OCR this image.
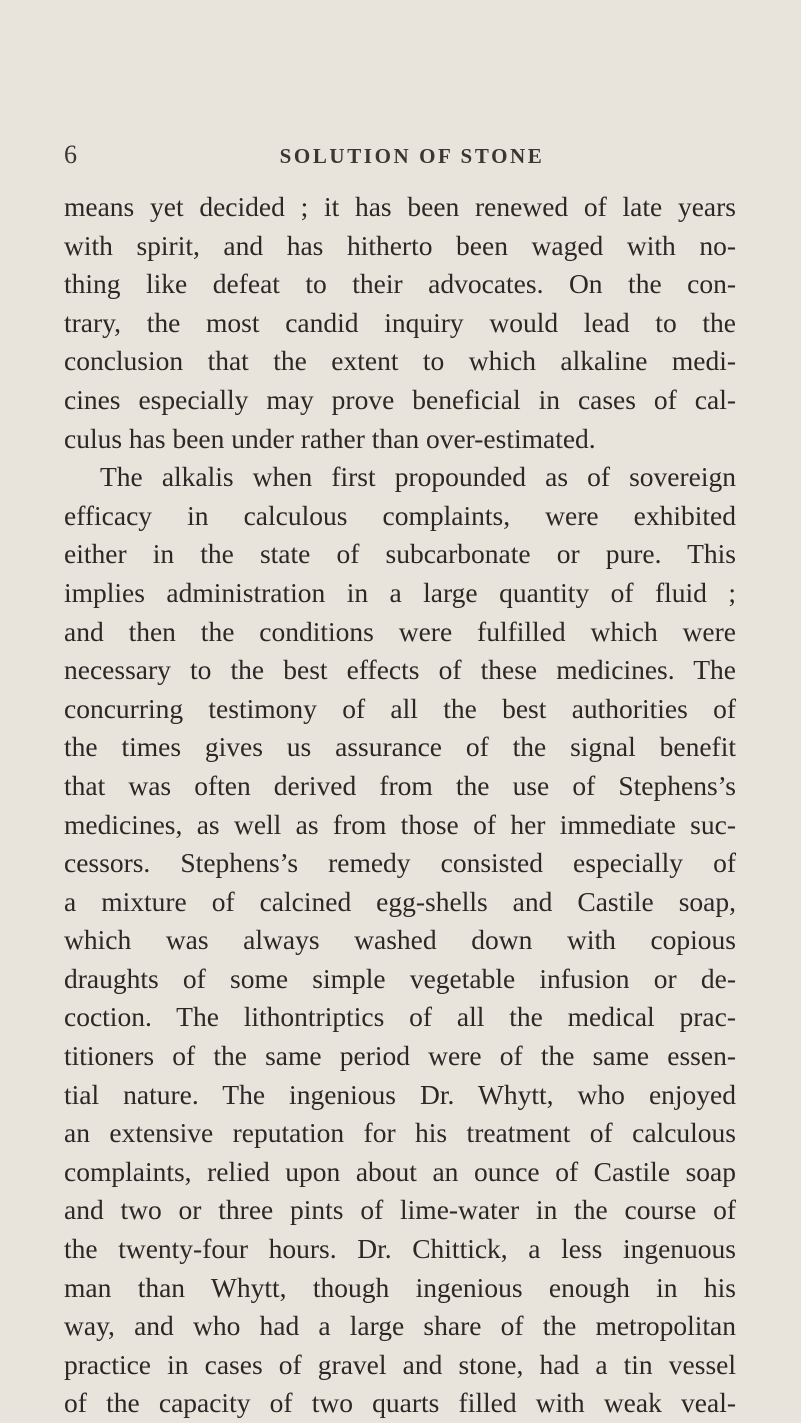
6	SOLUTION OF STONE
means yet decided ; it has been renewed of late years
with spirit, and has hitherto been waged with no-
thing like defeat to their advocates. On the con-
trary, the most candid inquiry would lead to the
conclusion that the extent to which alkaline medi-
cines especially may prove beneficial in cases of cal-
culus has been under rather than over-estimated.
The alkalis when first propounded as of sovereign
efficacy in calculous complaints, were exhibited
either in the state of subcarbonate or pure. This
implies administration in a large quantity of fluid ;
and then the conditions were fulfilled which were
necessary to the best effects of these medicines. The
concurring testimony of all the best authorities of
the times gives us assurance of the signal benefit
that was often derived from the use of Stephens’s
medicines, as well as from those of her immediate suc-
cessors. Stephens’s remedy consisted especially of
a mixture of calcined egg-shells and Castile soap,
which was always washed down with copious
draughts of some simple vegetable infusion or de-
coction. The lithontriptics of all the medical prac-
titioners of the same period were of the same essen-
tial nature. The ingenious Dr. Whytt, who enjoyed
an extensive reputation for his treatment of calculous
complaints, relied upon about an ounce of Castile soap
and two or three pints of lime-water in the course of
the twenty-four hours. Dr. Chittick, a less ingenuous
man than Whytt, though ingenious enough in his
way, and who had a large share of the metropolitan
practice in cases of gravel and stone, had a tin vessel
of the capacity of two quarts filled with weak veal-
